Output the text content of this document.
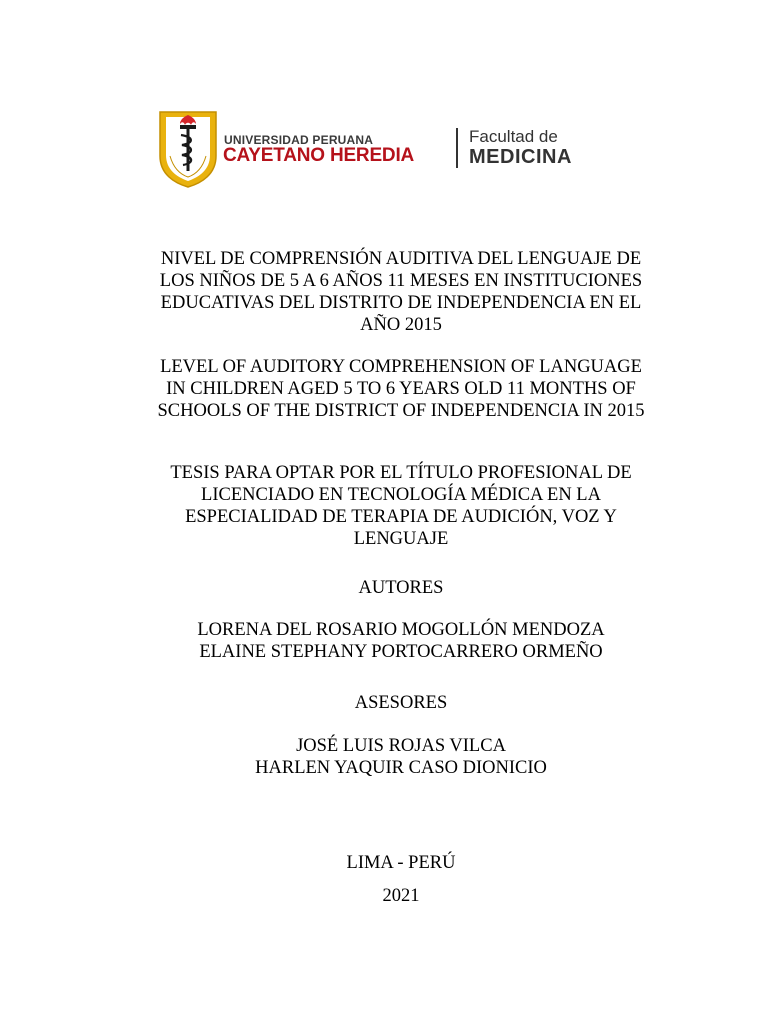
UNIVERSIDAD PERUANA
CAYETANO HEREDIA
Facultad de
MEDICINA
NIVEL DE COMPRENSIÓN AUDITIVA DEL LENGUAJE DE
LOS NIÑOS DE 5 A 6 AÑOS 11 MESES EN INSTITUCIONES
EDUCATIVAS DEL DISTRITO DE INDEPENDENCIA EN EL
AÑO 2015
LEVEL OF AUDITORY COMPREHENSION OF LANGUAGE
IN CHILDREN AGED 5 TO 6 YEARS OLD 11 MONTHS OF
SCHOOLS OF THE DISTRICT OF INDEPENDENCIA IN 2015
TESIS PARA OPTAR POR EL TÍTULO PROFESIONAL DE
LICENCIADO EN TECNOLOGÍA MÉDICA EN LA
ESPECIALIDAD DE TERAPIA DE AUDICIÓN, VOZ Y
LENGUAJE
AUTORES
LORENA DEL ROSARIO MOGOLLÓN MENDOZA
ELAINE STEPHANY PORTOCARRERO ORMEÑO
ASESORES
JOSÉ LUIS ROJAS VILCA
HARLEN YAQUIR CASO DIONICIO
LIMA - PERÚ
2021
